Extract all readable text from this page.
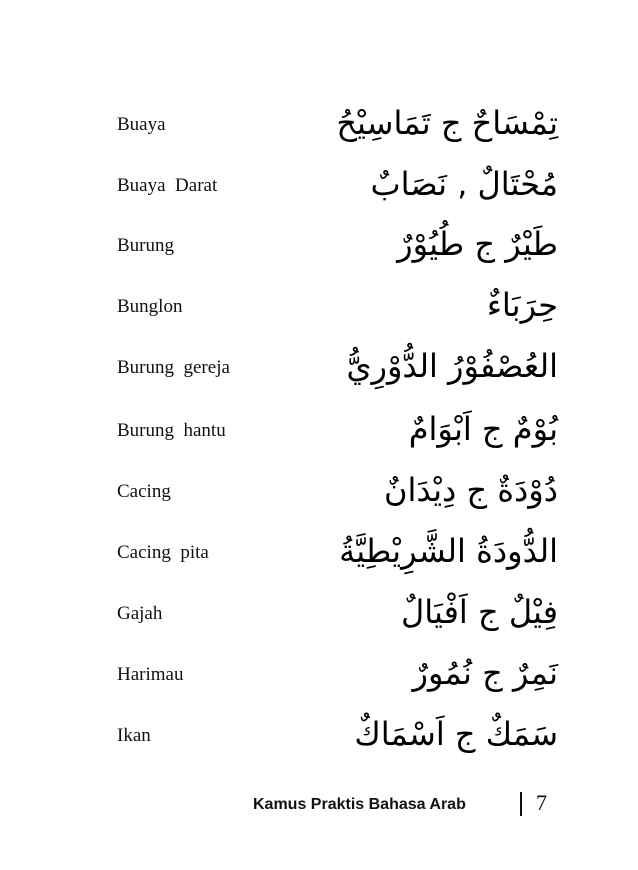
Buaya	تِمْسَاحٌ ج تَمَاسِيْحُ
Buaya  Darat	مُحْتَالٌ , نَصَابٌ
Burung	طَيْرٌ ج طُيُوْرٌ
Bunglon	حِرَبَاءٌ
Burung  gereja	العُصْفُوْرُ الدُّوْرِيُّ
Burung  hantu	بُوْمٌ ج اَبْوَامٌ
Cacing	دُوْدَةٌ ج دِيْدَانٌ
Cacing  pita	الدُّودَةُ الشَّرِيْطِيَّةُ
Gajah	فِيْلٌ ج اَفْيَالٌ
Harimau	نَمِرٌ ج نُمُورٌ
Ikan	سَمَكٌ ج اَسْمَاكٌ
Kamus Praktis Bahasa Arab	7
